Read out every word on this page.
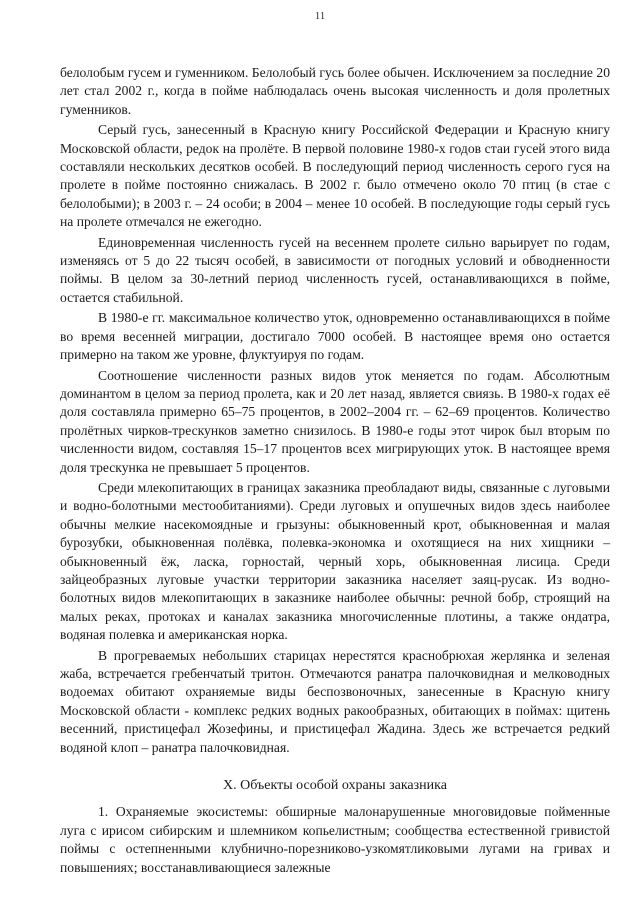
11

белолобым гусем и гуменником. Белолобый гусь более обычен. Исключением за последние 20 лет стал 2002 г., когда в пойме наблюдалась очень высокая численность и доля пролетных гуменников.

Серый гусь, занесенный в Красную книгу Российской Федерации и Красную книгу Московской области, редок на пролёте. В первой половине 1980-х годов стаи гусей этого вида составляли нескольких десятков особей. В последующий период численность серого гуся на пролете в пойме постоянно снижалась. В 2002 г. было отмечено около 70 птиц (в стае с белолобыми); в 2003 г. – 24 особи; в 2004 – менее 10 особей. В последующие годы серый гусь на пролете отмечался не ежегодно.

Единовременная численность гусей на весеннем пролете сильно варьирует по годам, изменяясь от 5 до 22 тысяч особей, в зависимости от погодных условий и обводненности поймы. В целом за 30-летний период численность гусей, останавливающихся в пойме, остается стабильной.

В 1980-е гг. максимальное количество уток, одновременно останавливающихся в пойме во время весенней миграции, достигало 7000 особей. В настоящее время оно остается примерно на таком же уровне, флуктуируя по годам.

Соотношение численности разных видов уток меняется по годам. Абсолютным доминантом в целом за период пролета, как и 20 лет назад, является свиязь. В 1980-х годах её доля составляла примерно 65–75 процентов, в 2002–2004 гг. – 62–69 процентов. Количество пролётных чирков-трескунков заметно снизилось. В 1980-е годы этот чирок был вторым по численности видом, составляя 15–17 процентов всех мигрирующих уток. В настоящее время доля трескунка не превышает 5 процентов.

Среди млекопитающих в границах заказника преобладают виды, связанные с луговыми и водно-болотными местообитаниями). Среди луговых и опушечных видов здесь наиболее обычны мелкие насекомоядные и грызуны: обыкновенный крот, обыкновенная и малая бурозубки, обыкновенная полёвка, полевка-экономка и охотящиеся на них хищники – обыкновенный ёж, ласка, горностай, черный хорь, обыкновенная лисица. Среди зайцеобразных луговые участки территории заказника населяет заяц-русак. Из водно-болотных видов млекопитающих в заказнике наиболее обычны: речной бобр, строящий на малых реках, протоках и каналах заказника многочисленные плотины, а также ондатра, водяная полевка и американская норка.

В прогреваемых небольших старицах нерестятся краснобрюхая жерлянка и зеленая жаба, встречается гребенчатый тритон. Отмечаются ранатра палочковидная и мелководных водоемах обитают охраняемые виды беспозвоночных, занесенные в Красную книгу Московской области - комплекс редких водных ракообразных, обитающих в поймах: щитень весенний, пристицефал Жозефины, и пристицефал Жадина. Здесь же встречается редкий водяной клоп – ранатра палочковидная.

X. Объекты особой охраны заказника

1. Охраняемые экосистемы: обширные малонарушенные многовидовые пойменные луга с ирисом сибирским и шлемником копьелистным; сообщества естественной гривистой поймы с остепненными клубнично-порезниково-узкомятликовыми лугами на гривах и повышениях; восстанавливающиеся залежные
